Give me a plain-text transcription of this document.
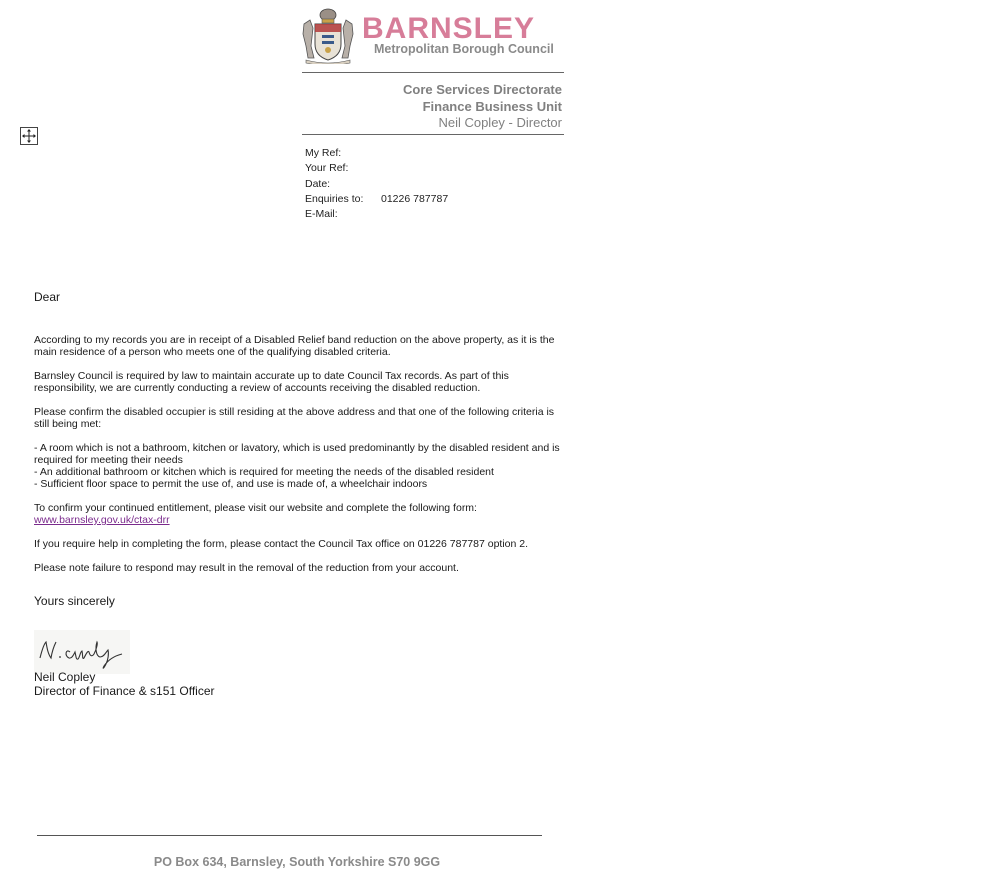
BARNSLEY
Metropolitan Borough Council
Core Services Directorate
Finance Business Unit
Neil Copley - Director
My Ref:
Your Ref:
Date:
Enquiries to:	01226 787787
E-Mail:

Dear

According to my records you are in receipt of a Disabled Relief band reduction on the above property, as it is the main residence of a person who meets one of the qualifying disabled criteria.

Barnsley Council is required by law to maintain accurate up to date Council Tax records. As part of this responsibility, we are currently conducting a review of accounts receiving the disabled reduction.

Please confirm the disabled occupier is still residing at the above address and that one of the following criteria is still being met:

- A room which is not a bathroom, kitchen or lavatory, which is used predominantly by the disabled resident and is required for meeting their needs
- An additional bathroom or kitchen which is required for meeting the needs of the disabled resident
- Sufficient floor space to permit the use of, and use is made of, a wheelchair indoors

To confirm your continued entitlement, please visit our website and complete the following form:
www.barnsley.gov.uk/ctax-drr

If you require help in completing the form, please contact the Council Tax office on 01226 787787 option 2.

Please note failure to respond may result in the removal of the reduction from your account.

Yours sincerely

Neil Copley
Director of Finance & s151 Officer
PO Box 634, Barnsley, South Yorkshire S70 9GG
